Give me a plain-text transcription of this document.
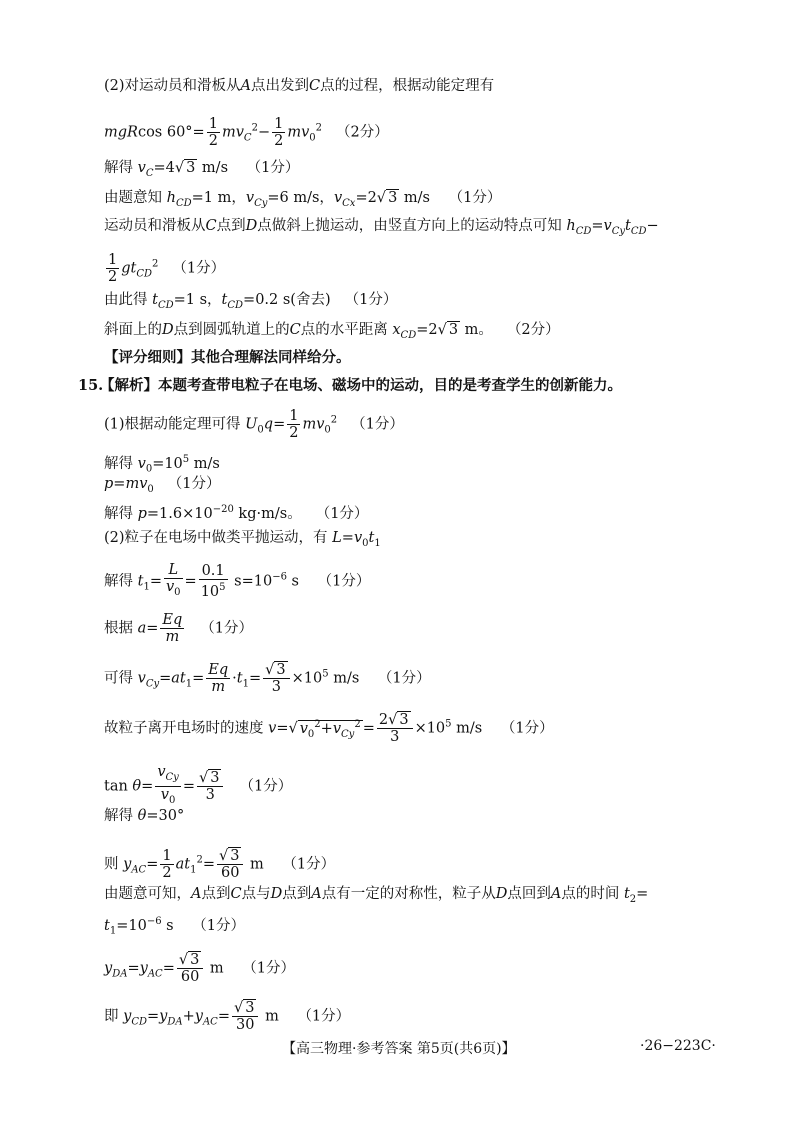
(2)对运动员和滑板从A点出发到C点的过程，根据动能定理有
mgRcos $60^\circ= \frac{1}{2} mv_C^2- \frac{1}{2} mv_0^2$ （2分）
解得 $v_C=4√$ 3 m/s （1分）
由题意知 $h_{CD}=1$ m，$v_{Cy}=6$ m/s，$v_{Cx}=2√$ 3 m/s （1分）
运动员和滑板从C点到D点做斜上抛运动，由竖直方向上的运动特点可知 $h_{CD}=v_{Cy}t_{CD}-$
$\frac{1}{2} gt_{CD}^2$ （1分）
由此得 $t_{CD}=1$ s，$t_{CD}=0.2$ s(舍去) （1分）
斜面上的D点到圆弧轨道上的C点的水平距离 $x_{CD}=2√$ 3 m。 （2分）
【评分细则】其他合理解法同样给分。
15.
【解析】本题考查带电粒子在电场、磁场中的运动，目的是考查学生的创新能力。
(1)根据动能定理可得 $U_0q= \frac{1}{2} mv_0^2$ （1分）
解得 $v_0=10^5$ m/s
$p=mv_0$ （1分）
解得 $p=1.6\times 10^{-20}$ kg·m/s。 （1分）
(2)粒子在电场中做类平抛运动，有 $L=v_0t_1$
解得 $t_1= \frac{L}{v_0} = \frac{0.1}{10^5} s=10^{-6}$ s （1分）
根据 $a= \frac{Eq}{m} (1$分）
可得 $v_{Cy}=at_1= \frac{Eq}{m} \cdot t_1= \frac{√ 3}{3} \times 10^5$ m/s （1分）
故粒子离开电场时的速度 v=√ $v_0^2+v_{Cy}^2 = \frac{2√ 3}{3} \times 10^5$ m/s （1分）
tan θ=
$v_{Cy}$
$v_0$
= $\frac{√ 3}{3} (1$分）
解得 θ=30°
则 $y_{AC}= \frac{1}{2} at_1^2= \frac{√ 3}{60}$ m （1分）
由题意可知，A点到C点与D点到A点有一定的对称性，粒子从D点回到A点的时间 $t_2=$
$t_1=10^{-6}$ s （1分）
$y_{DA}=y_{AC}= \frac{√ 3}{60}$ m （1分）
即 $y_{CD}=y_{DA}+y_{AC}= \frac{√ 3}{30}$ m （1分）
【高三物理·参考答案 第5页(共6页)】	·26−223C·
